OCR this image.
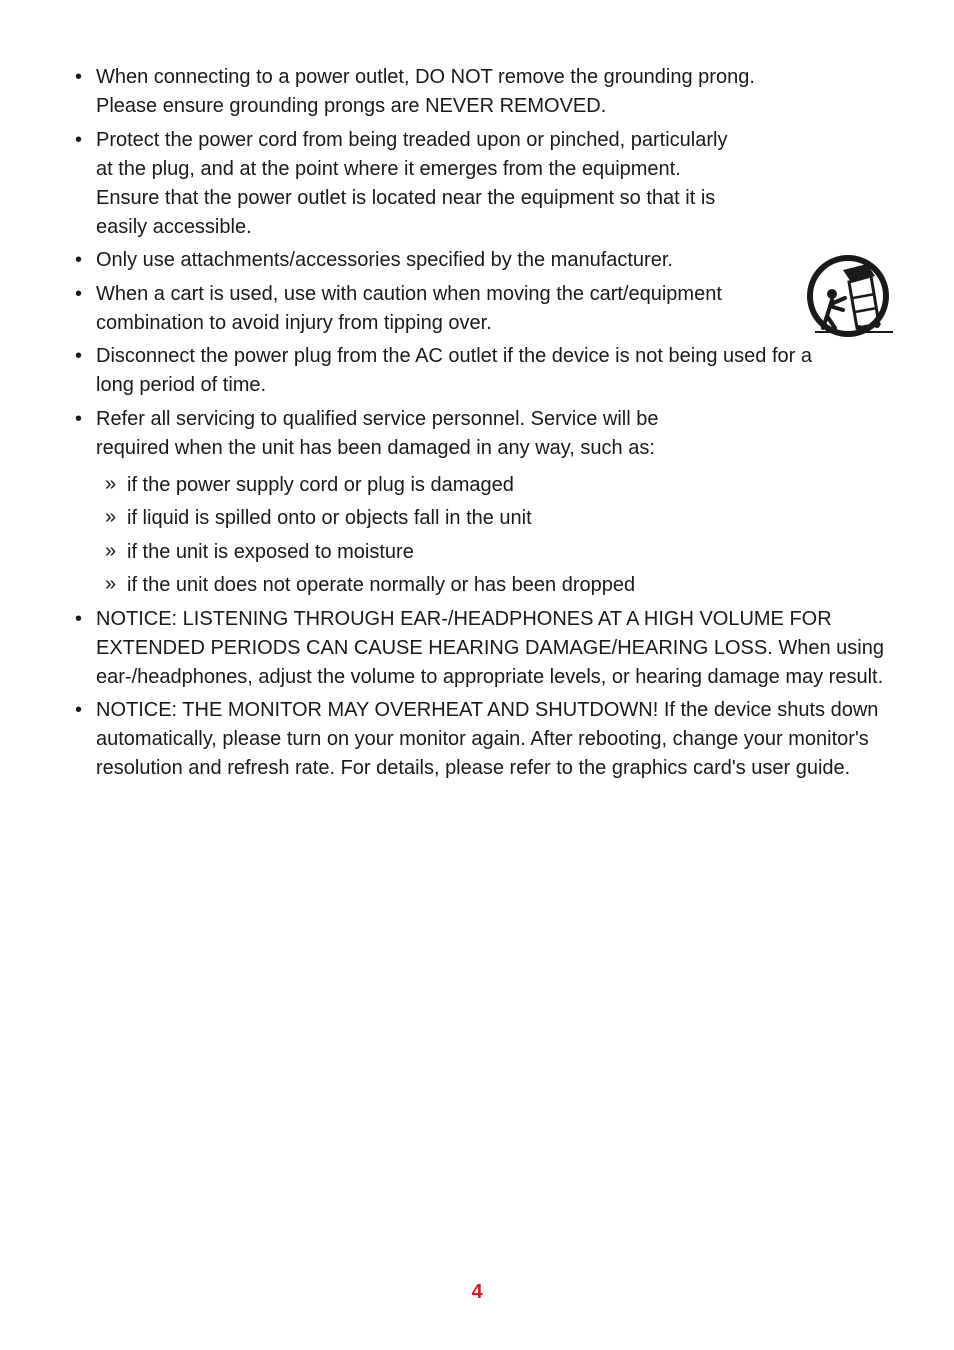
• When connecting to a power outlet, DO NOT remove the grounding prong. Please ensure grounding prongs are NEVER REMOVED.
• Protect the power cord from being treaded upon or pinched, particularly at the plug, and at the point where it emerges from the equipment. Ensure that the power outlet is located near the equipment so that it is easily accessible.
• Only use attachments/accessories specified by the manufacturer.
• When a cart is used, use with caution when moving the cart/equipment combination to avoid injury from tipping over.
• Disconnect the power plug from the AC outlet if the device is not being used for a long period of time.
• Refer all servicing to qualified service personnel. Service will be required when the unit has been damaged in any way, such as:
» if the power supply cord or plug is damaged
» if liquid is spilled onto or objects fall in the unit
» if the unit is exposed to moisture
» if the unit does not operate normally or has been dropped
• NOTICE: LISTENING THROUGH EAR-/HEADPHONES AT A HIGH VOLUME FOR EXTENDED PERIODS CAN CAUSE HEARING DAMAGE/HEARING LOSS. When using ear-/headphones, adjust the volume to appropriate levels, or hearing damage may result.
• NOTICE: THE MONITOR MAY OVERHEAT AND SHUTDOWN! If the device shuts down automatically, please turn on your monitor again. After rebooting, change your monitor's resolution and refresh rate. For details, please refer to the graphics card's user guide.
4
